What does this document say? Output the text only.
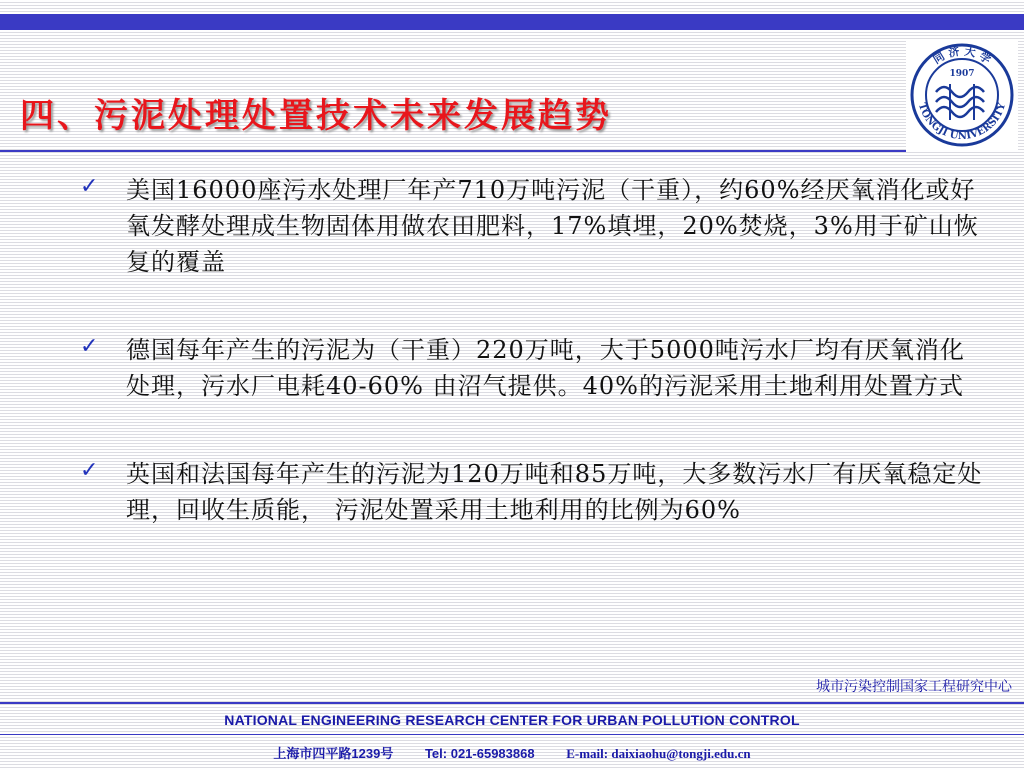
四、污泥处理处置技术未来发展趋势
同 济 大 学
TONGJI UNIVERSITY
1907
✓ 美国16000座污水处理厂年产710万吨污泥（干重），约60%经厌氧消化或好氧发酵处理成生物固体用做农田肥料，17%填埋，20%焚烧，3%用于矿山恢复的覆盖
✓ 德国每年产生的污泥为（干重）220万吨，大于5000吨污水厂均有厌氧消化处理，污水厂电耗40-60% 由沼气提供。40%的污泥采用土地利用处置方式
✓ 英国和法国每年产生的污泥为120万吨和85万吨，大多数污水厂有厌氧稳定处理，回收生质能， 污泥处置采用土地利用的比例为60%
城市污染控制国家工程研究中心
NATIONAL ENGINEERING RESEARCH CENTER FOR URBAN POLLUTION CONTROL
上海市四平路1239号 Tel: 021-65983868 E-mail: daixiaohu@tongji.edu.cn
